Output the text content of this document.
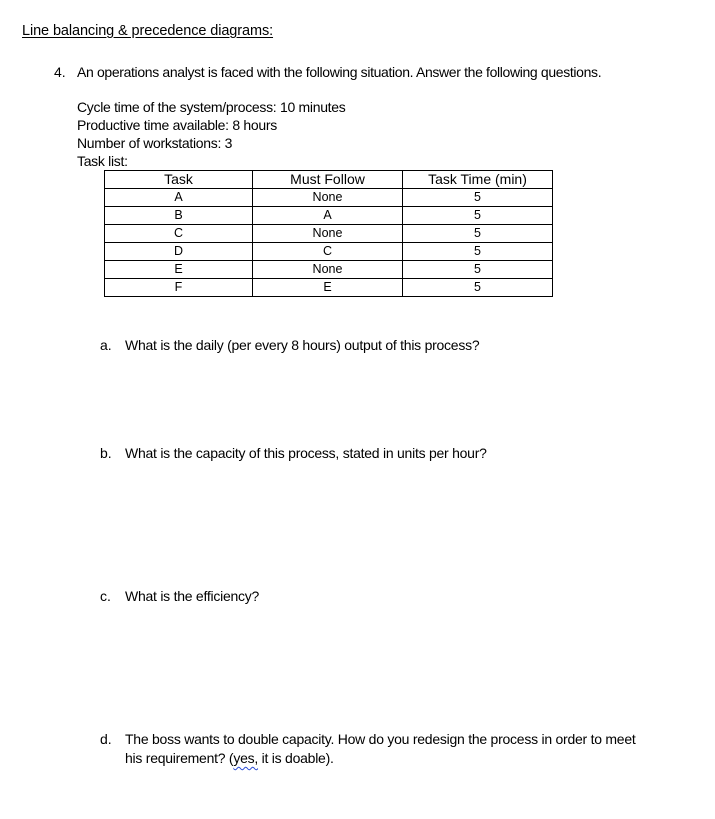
Line balancing & precedence diagrams:
4. An operations analyst is faced with the following situation. Answer the following questions.
Cycle time of the system/process: 10 minutes
Productive time available: 8 hours
Number of workstations: 3
Task list:
Task	Must Follow	Task Time (min)
A	None	5
B	A	5
C	None	5
D	C	5
E	None	5
F	E	5
a. What is the daily (per every 8 hours) output of this process?
b. What is the capacity of this process, stated in units per hour?
c.	What is the efficiency?
d. The boss wants to double capacity. How do you redesign the process in order to meet
his requirement? (yes, it is doable).
